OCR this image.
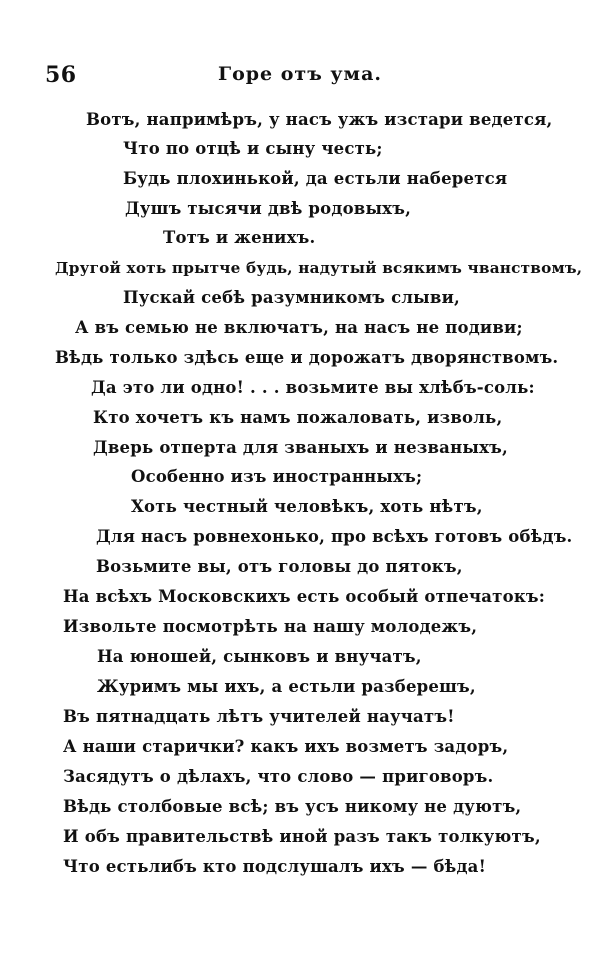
56	Горе отъ ума.
Вотъ, напримѣръ, у насъ ужъ изстари ведется,
Что по отцѣ и сыну честь;
Будь плохинькой, да естьли наберется
Душъ тысячи двѣ родовыхъ,
Тотъ и женихъ.
Другой хоть прытче будь, надутый всякимъ чванствомъ,
Пускай себѣ разумникомъ слыви,
А въ семью не включатъ, на насъ не подиви;
Вѣдь только здѣсь еще и дорожатъ дворянствомъ.
Да это ли одно! . . . возьмите вы хлѣбъ-соль:
Кто хочетъ къ намъ пожаловать, изволь,
Дверь отперта для званыхъ и незваныхъ,
Особенно изъ иностранныхъ;
Хоть честный человѣкъ, хоть нѣтъ,
Для насъ ровнехонько, про всѣхъ готовъ обѣдъ.
Возьмите вы, отъ головы до пятокъ,
На всѣхъ Московскихъ есть особый отпечатокъ:
Извольте посмотрѣть на нашу молодежъ,
На юношей, сынковъ и внучатъ,
Журимъ мы ихъ, а естьли разберешъ,
Въ пятнадцать лѣтъ учителей научатъ!
А наши старички? какъ ихъ возметъ задоръ,
Засядутъ о дѣлахъ, что слово — приговоръ.
Вѣдь столбовые всѣ; въ усъ никому не дуютъ,
И объ правительствѣ иной разъ такъ толкуютъ,
Что естьлибъ кто подслушалъ ихъ — бѣда!
